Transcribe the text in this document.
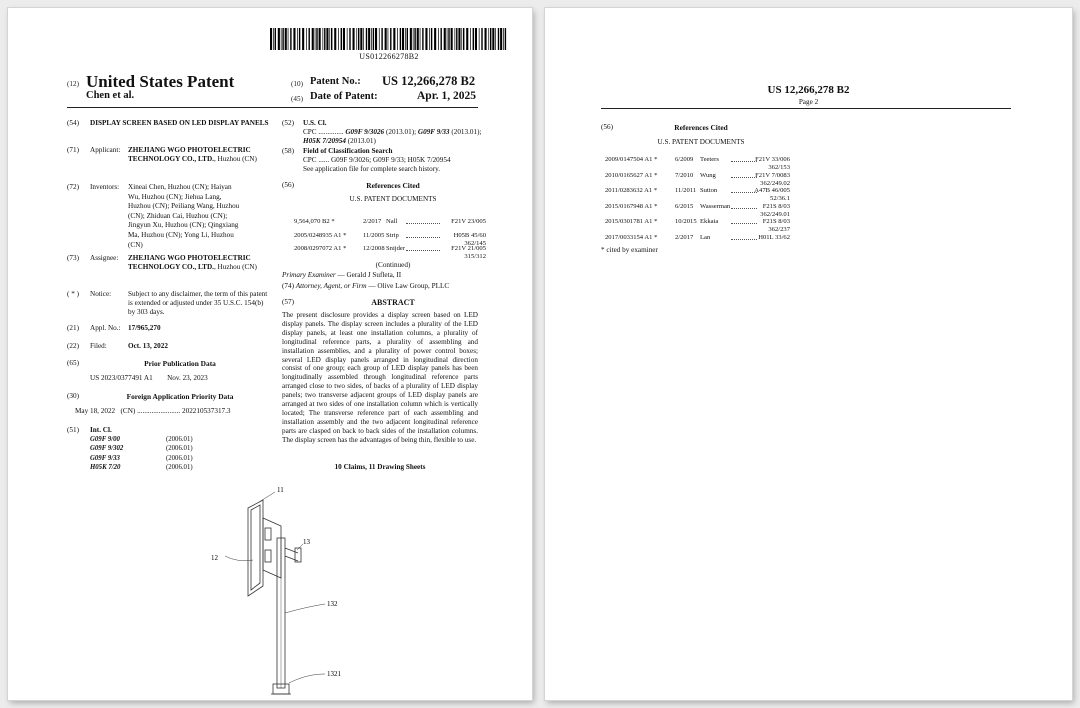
US012266278B2
(12) United States Patent
Chen et al.
(10) Patent No.: US 12,266,278 B2
(45) Date of Patent:	Apr. 1, 2025
(54) DISPLAY SCREEN BASED ON LED DISPLAY PANELS
(71) Applicant: ZHEJIANG WGO PHOTOELECTRIC TECHNOLOGY CO., LTD., Huzhou (CN)
(72) Inventors: Xineai Chen, Huzhou (CN); Haiyan
Wu, Huzhou (CN); Jiehua Lang,
Huzhou (CN); Peiliang Wang, Huzhou
(CN); Zhiduan Cai, Huzhou (CN);
Jingyun Xu, Huzhou (CN); Qingxiang
Ma, Huzhou (CN); Yong Li, Huzhou
(CN)
(73) Assignee: ZHEJIANG WGO PHOTOELECTRIC TECHNOLOGY CO., LTD., Huzhou (CN)
( * ) Notice: Subject to any disclaimer, the term of this patent is extended or adjusted under 35 U.S.C. 154(b) by 303 days.
(21) Appl. No.: 17/965,270
(22) Filed:	Oct. 13, 2022
(65)	Prior Publication Data
US 2023/0377491 A1        Nov. 23, 2023
(30)	Foreign Application Priority Data
May 18, 2022   (CN) ........................ 202210537317.3
(51) Int. Cl.
G09F 9/00	(2006.01)
G09F 9/302	(2006.01)
G09F 9/33	(2006.01)
H05K 7/20	(2006.01)
(52) U.S. Cl.
CPC .............. G09F 9/3026 (2013.01); G09F 9/33 (2013.01); H05K 7/20954 (2013.01)
(58) Field of Classification Search
CPC ...... G09F 9/3026; G09F 9/33; H05K 7/20954
See application file for complete search history.
(56)	References Cited
U.S. PATENT DOCUMENTS
9,564,070 B2 *	2/2017 Nall	F21V 23/005
2005/0248935 A1 *	11/2005 Strip	H05B 45/60
362/145
2008/0297072 A1 *	12/2008 Snijder	F21V 21/005
315/312
(Continued)
Primary Examiner — Gerald J Sufleta, II
(74) Attorney, Agent, or Firm — Olive Law Group, PLLC
(57)	ABSTRACT
The present disclosure provides a display screen based on LED display panels. The display screen includes a plurality of the LED display panels, at least one installation columns, a plurality of longitudinal reference parts, a plurality of assembling and installation assemblies, and a plurality of power control boxes; several LED display panels arranged in longitudinal direction consist of one group; each group of LED display panels has been longitudinally assembled through longitudinal reference parts arranged close to two sides, of backs of a plurality of LED display panels; two transverse adjacent groups of LED display panels are arranged at two sides of one installation column which is vertically located; The transverse reference part of each assembling and installation assembly and the two adjacent longitudinal reference parts are clasped on back to back sides of the installation columns. The display screen has the advantages of being thin, flexible to use.
10 Claims, 11 Drawing Sheets
11
12
13
132
1321
US 12,266,278 B2
Page 2
(56)	References Cited
U.S. PATENT DOCUMENTS
2009/0147504 A1 *	6/2009 Teeters	F21V 33/006
362/153
2010/0165627 A1 *	7/2010 Wung	F21V 7/0083
362/249.02
2011/0283632 A1 *	11/2011 Sutton	A47B 46/005
52/36.1
2015/0167948 A1 *	6/2015 Wasserman	F21S 8/03
362/249.01
2015/0301781 A1 *	10/2015 Ekkaia	F21S 8/03
362/237
2017/0033154 A1 *	2/2017 Lan	H01L 33/62
* cited by examiner
